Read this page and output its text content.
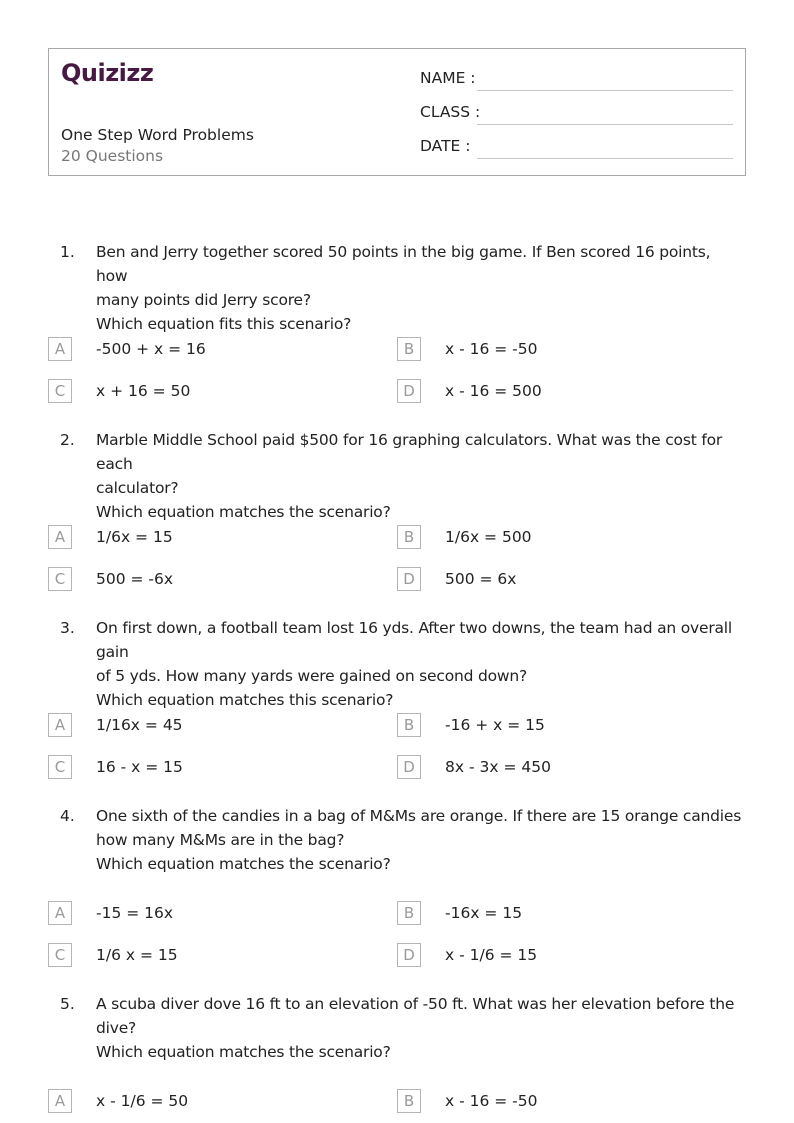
Quizizz
One Step Word Problems
20 Questions
NAME :
CLASS :
DATE :
1. Ben and Jerry together scored 50 points in the big game. If Ben scored 16 points, how
many points did Jerry score?
Which equation fits this scenario?
A	-500 + x = 16	B	x - 16 = -50
C	x + 16 = 50	D	x - 16 = 500
2. Marble Middle School paid $500 for 16 graphing calculators. What was the cost for each
calculator?
Which equation matches the scenario?
A	1/6x = 15	B	1/6x = 500
C	500 = -6x	D	500 = 6x
3. On first down, a football team lost 16 yds. After two downs, the team had an overall gain
of 5 yds. How many yards were gained on second down?
Which equation matches this scenario?
A	1/16x = 45	B	-16 + x = 15
C	16 - x = 15	D	8x - 3x = 450
4. One sixth of the candies in a bag of M&Ms are orange. If there are 15 orange candies
how many M&Ms are in the bag?
Which equation matches the scenario?
A	-15 = 16x	B	-16x = 15
C	1/6 x = 15	D	x - 1/6 = 15
5. A scuba diver dove 16 ft to an elevation of -50 ft. What was her elevation before the
dive?
Which equation matches the scenario?
A	x - 1/6 = 50	B	x - 16 = -50
